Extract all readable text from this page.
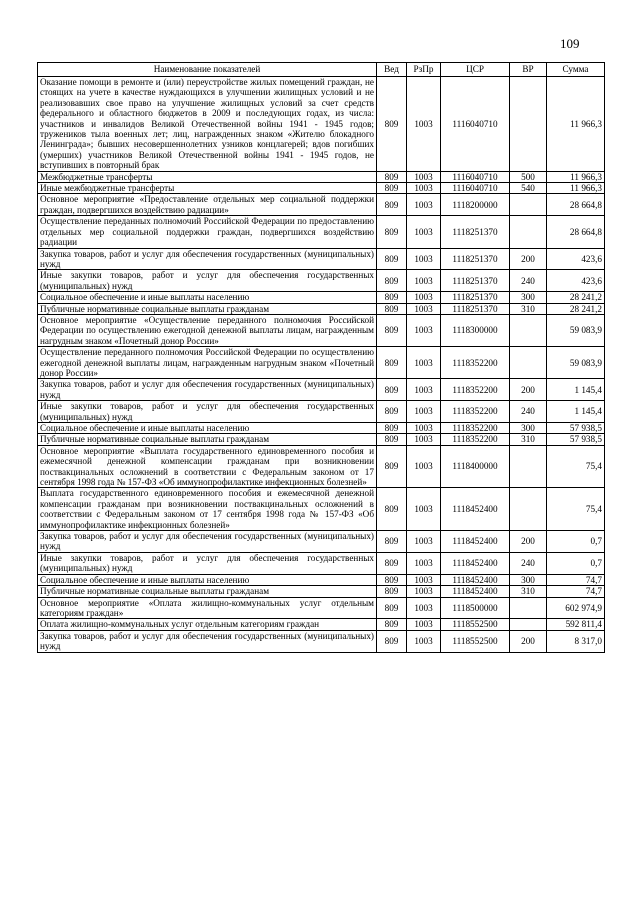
109
Наименование показателей	Вед	РзПр	ЦСР	ВР	Сумма
Оказание помощи в ремонте и (или) переустройстве жилых помещений граждан, не стоящих на учете в качестве нуждающихся в улучшении жилищных условий и не реализовавших свое право на улучшение жилищных условий за счет средств федерального и областного бюджетов в 2009 и последующих годах, из числа: участников и инвалидов Великой Отечественной войны 1941 - 1945 годов; тружеников тыла военных лет; лиц, награжденных знаком «Жителю блокадного Ленинграда»; бывших несовершеннолетних узников концлагерей; вдов погибших (умерших) участников Великой Отечественной войны 1941 - 1945 годов, не вступивших в повторный брак	809	1003	1116040710		11 966,3
Межбюджетные трансферты	809	1003	1116040710	500	11 966,3
Иные межбюджетные трансферты	809	1003	1116040710	540	11 966,3
Основное мероприятие «Предоставление отдельных мер социальной поддержки граждан, подвергшихся воздействию радиации»	809	1003	1118200000		28 664,8
Осуществление переданных полномочий Российской Федерации по предоставлению отдельных мер социальной поддержки граждан, подвергшихся воздействию радиации	809	1003	1118251370		28 664,8
Закупка товаров, работ и услуг для обеспечения государственных (муниципальных) нужд	809	1003	1118251370	200	423,6
Иные закупки товаров, работ и услуг для обеспечения государственных (муниципальных) нужд	809	1003	1118251370	240	423,6
Социальное обеспечение и иные выплаты населению	809	1003	1118251370	300	28 241,2
Публичные нормативные социальные выплаты гражданам	809	1003	1118251370	310	28 241,2
Основное мероприятие «Осуществление переданного полномочия Российской Федерации по осуществлению ежегодной денежной выплаты лицам, награжденным нагрудным знаком «Почетный донор России»	809	1003	1118300000		59 083,9
Осуществление переданного полномочия Российской Федерации по осуществлению ежегодной денежной выплаты лицам, награжденным нагрудным знаком «Почетный донор России»	809	1003	1118352200		59 083,9
Закупка товаров, работ и услуг для обеспечения государственных (муниципальных) нужд	809	1003	1118352200	200	1 145,4
Иные закупки товаров, работ и услуг для обеспечения государственных (муниципальных) нужд	809	1003	1118352200	240	1 145,4
Социальное обеспечение и иные выплаты населению	809	1003	1118352200	300	57 938,5
Публичные нормативные социальные выплаты гражданам	809	1003	1118352200	310	57 938,5
Основное мероприятие «Выплата государственного единовременного пособия и ежемесячной денежной компенсации гражданам при возникновении поствакцинальных осложнений в соответствии с Федеральным законом от 17 сентября 1998 года № 157-ФЗ «Об иммунопрофилактике инфекционных болезней»	809	1003	1118400000		75,4
Выплата государственного единовременного пособия и ежемесячной денежной компенсации гражданам при возникновении поствакцинальных осложнений в соответствии с Федеральным законом от 17 сентября 1998 года № 157-ФЗ «Об иммунопрофилактике инфекционных болезней»	809	1003	1118452400		75,4
Закупка товаров, работ и услуг для обеспечения государственных (муниципальных) нужд	809	1003	1118452400	200	0,7
Иные закупки товаров, работ и услуг для обеспечения государственных (муниципальных) нужд	809	1003	1118452400	240	0,7
Социальное обеспечение и иные выплаты населению	809	1003	1118452400	300	74,7
Публичные нормативные социальные выплаты гражданам	809	1003	1118452400	310	74,7
Основное мероприятие «Оплата жилищно-коммунальных услуг отдельным категориям граждан»	809	1003	1118500000		602 974,9
Оплата жилищно-коммунальных услуг отдельным категориям граждан	809	1003	1118552500		592 811,4
Закупка товаров, работ и услуг для обеспечения государственных (муниципальных) нужд	809	1003	1118552500	200	8 317,0
